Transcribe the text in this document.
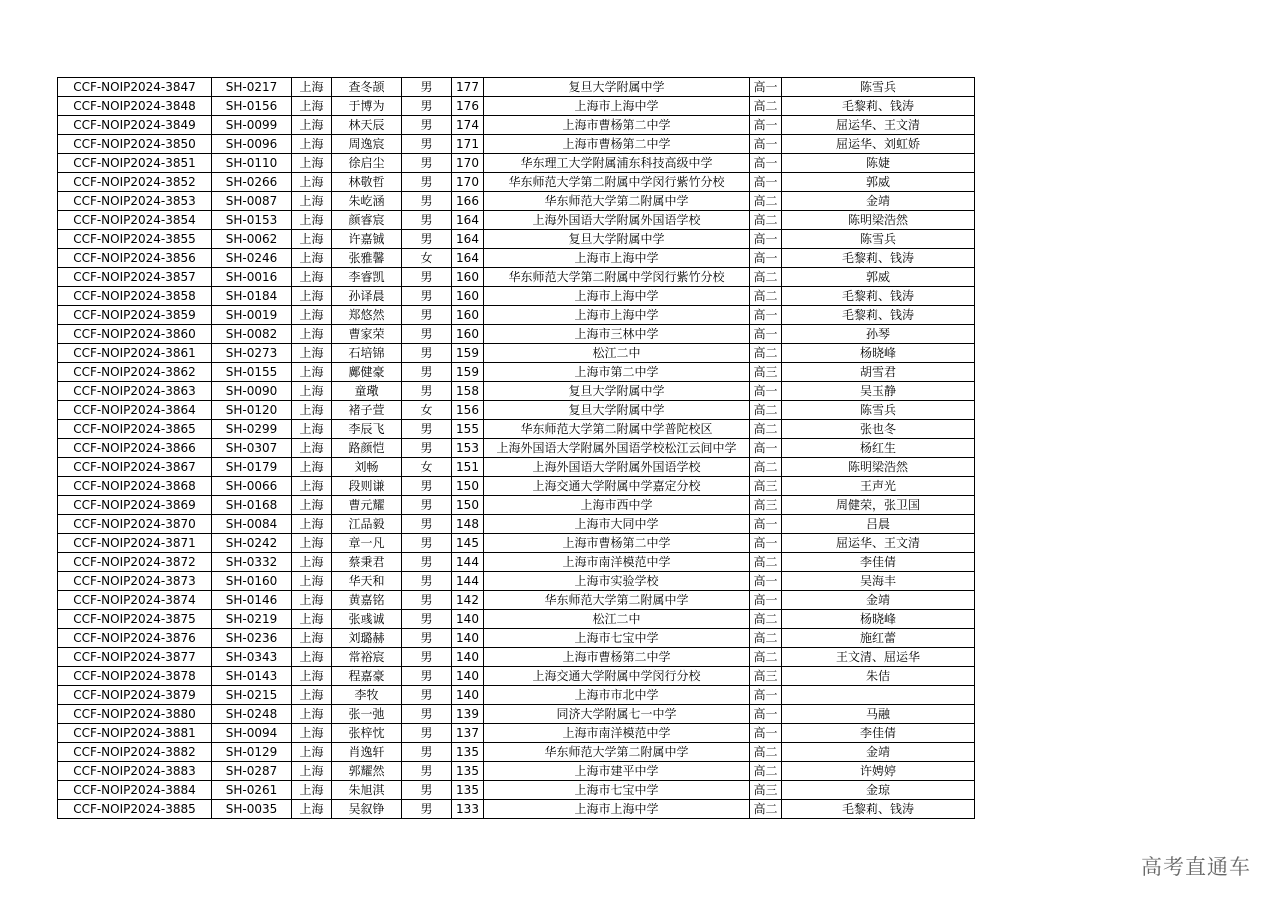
CCF-NOIP2024-3847	SH-0217	上海	查冬颉	男	177	复旦大学附属中学	高一	陈雪兵
CCF-NOIP2024-3848	SH-0156	上海	于博为	男	176	上海市上海中学	高二	毛黎莉、钱涛
CCF-NOIP2024-3849	SH-0099	上海	林天辰	男	174	上海市曹杨第二中学	高一	屈运华、王文清
CCF-NOIP2024-3850	SH-0096	上海	周逸宸	男	171	上海市曹杨第二中学	高一	屈运华、刘虹娇
CCF-NOIP2024-3851	SH-0110	上海	徐启尘	男	170	华东理工大学附属浦东科技高级中学	高一	陈婕
CCF-NOIP2024-3852	SH-0266	上海	林敬哲	男	170	华东师范大学第二附属中学闵行紫竹分校	高一	郭威
CCF-NOIP2024-3853	SH-0087	上海	朱屹涵	男	166	华东师范大学第二附属中学	高二	金靖
CCF-NOIP2024-3854	SH-0153	上海	颜睿宸	男	164	上海外国语大学附属外国语学校	高二	陈明梁浩然
CCF-NOIP2024-3855	SH-0062	上海	许嘉铖	男	164	复旦大学附属中学	高一	陈雪兵
CCF-NOIP2024-3856	SH-0246	上海	张雅馨	女	164	上海市上海中学	高一	毛黎莉、钱涛
CCF-NOIP2024-3857	SH-0016	上海	李睿凯	男	160	华东师范大学第二附属中学闵行紫竹分校	高二	郭威
CCF-NOIP2024-3858	SH-0184	上海	孙译晨	男	160	上海市上海中学	高二	毛黎莉、钱涛
CCF-NOIP2024-3859	SH-0019	上海	郑悠然	男	160	上海市上海中学	高一	毛黎莉、钱涛
CCF-NOIP2024-3860	SH-0082	上海	曹家荣	男	160	上海市三林中学	高一	孙琴
CCF-NOIP2024-3861	SH-0273	上海	石培锦	男	159	松江二中	高二	杨晓峰
CCF-NOIP2024-3862	SH-0155	上海	鄺健豪	男	159	上海市第二中学	高三	胡雪君
CCF-NOIP2024-3863	SH-0090	上海	童璥	男	158	复旦大学附属中学	高一	吴玉静
CCF-NOIP2024-3864	SH-0120	上海	褚子萱	女	156	复旦大学附属中学	高二	陈雪兵
CCF-NOIP2024-3865	SH-0299	上海	李辰飞	男	155	华东师范大学第二附属中学普陀校区	高二	张也冬
CCF-NOIP2024-3866	SH-0307	上海	路颜恺	男	153	上海外国语大学附属外国语学校松江云间中学	高一	杨红生
CCF-NOIP2024-3867	SH-0179	上海	刘畅	女	151	上海外国语大学附属外国语学校	高二	陈明梁浩然
CCF-NOIP2024-3868	SH-0066	上海	段则谦	男	150	上海交通大学附属中学嘉定分校	高三	王声光
CCF-NOIP2024-3869	SH-0168	上海	曹元耀	男	150	上海市西中学	高三	周健荣，张卫国
CCF-NOIP2024-3870	SH-0084	上海	江品毅	男	148	上海市大同中学	高一	吕晨
CCF-NOIP2024-3871	SH-0242	上海	章一凡	男	145	上海市曹杨第二中学	高一	屈运华、王文清
CCF-NOIP2024-3872	SH-0332	上海	蔡秉君	男	144	上海市南洋模范中学	高二	李佳倩
CCF-NOIP2024-3873	SH-0160	上海	华天和	男	144	上海市实验学校	高一	吴海丰
CCF-NOIP2024-3874	SH-0146	上海	黄嘉铭	男	142	华东师范大学第二附属中学	高一	金靖
CCF-NOIP2024-3875	SH-0219	上海	张彧诚	男	140	松江二中	高二	杨晓峰
CCF-NOIP2024-3876	SH-0236	上海	刘璐赫	男	140	上海市七宝中学	高二	施红蕾
CCF-NOIP2024-3877	SH-0343	上海	常裕宸	男	140	上海市曹杨第二中学	高二	王文清、屈运华
CCF-NOIP2024-3878	SH-0143	上海	程嘉豪	男	140	上海交通大学附属中学闵行分校	高三	朱佶
CCF-NOIP2024-3879	SH-0215	上海	李牧	男	140	上海市市北中学	高一	
CCF-NOIP2024-3880	SH-0248	上海	张一弛	男	139	同济大学附属七一中学	高一	马融
CCF-NOIP2024-3881	SH-0094	上海	张梓忱	男	137	上海市南洋模范中学	高一	李佳倩
CCF-NOIP2024-3882	SH-0129	上海	肖逸轩	男	135	华东师范大学第二附属中学	高二	金靖
CCF-NOIP2024-3883	SH-0287	上海	郭耀然	男	135	上海市建平中学	高二	许娉婷
CCF-NOIP2024-3884	SH-0261	上海	朱旭淇	男	135	上海市七宝中学	高三	金琼
CCF-NOIP2024-3885	SH-0035	上海	吴叙铮	男	133	上海市上海中学	高二	毛黎莉、钱涛
高考直通车
